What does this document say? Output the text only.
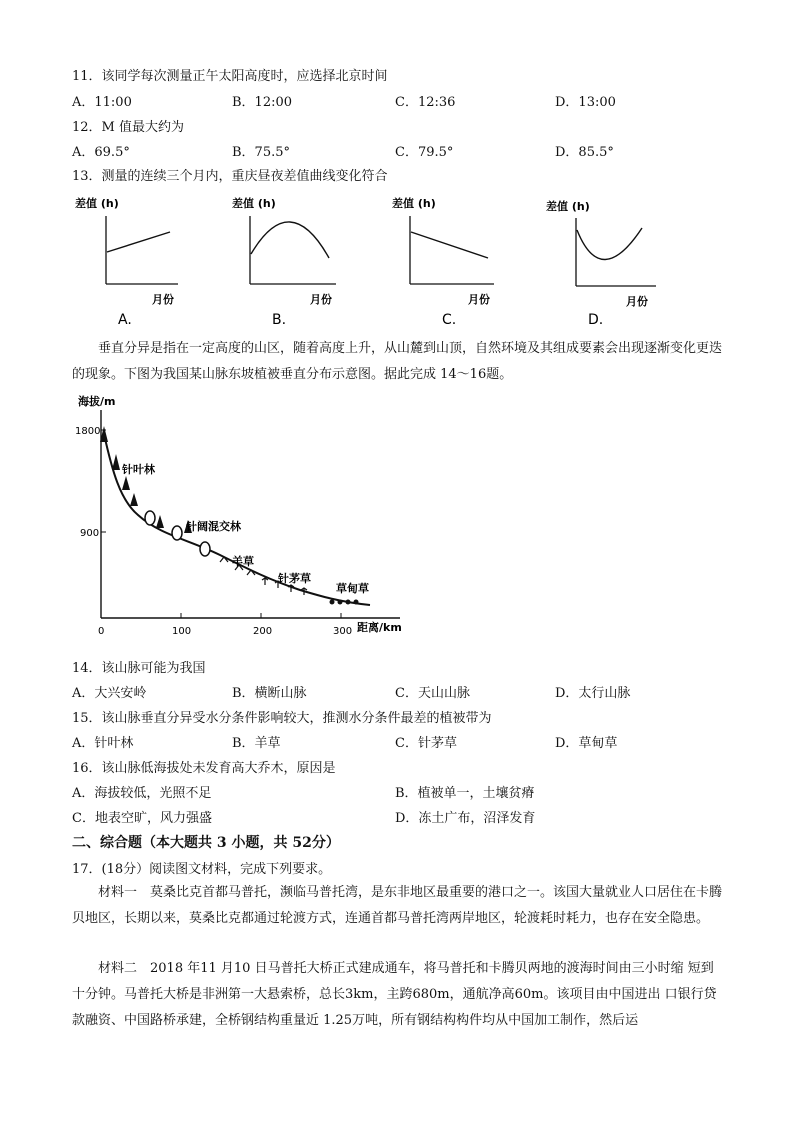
11．该同学每次测量正午太阳高度时，应选择北京时间
A．11:00	B．12:00	C．12:36	D．13:00
12．M 值最大约为
A．69.5°	B．75.5°	C．79.5°	D．85.5°
13．测量的连续三个月内，重庆昼夜差值曲线变化符合
差值 (h)
月份
A.
差值 (h)
月份
B.
差值 (h)
月份
C.
差值 (h)
月份
D.
垂直分异是指在一定高度的山区，随着高度上升，从山麓到山顶，自然环境及其组成要素会出现逐渐变化更迭的现象。下图为我国某山脉东坡植被垂直分布示意图。据此完成 14～16题。
海拔/m
1800
900
0	100	200	300 距离/km
针叶林
针阔混交林
羊草
针茅草
草甸草
14．该山脉可能为我国
A．大兴安岭	B．横断山脉	C．天山山脉	D．太行山脉
15．该山脉垂直分异受水分条件影响较大，推测水分条件最差的植被带为
A．针叶林	B．羊草	C．针茅草	D．草甸草
16．该山脉低海拔处未发育高大乔木，原因是
A．海拔较低，光照不足	B．植被单一，土壤贫瘠
C．地表空旷，风力强盛	D．冻土广布，沼泽发育
二、综合题（本大题共 3 小题，共 52分）
17．(18分）阅读图文材料，完成下列要求。
材料一　莫桑比克首都马普托，濒临马普托湾，是东非地区最重要的港口之一。该国大量就业人口居住在卡腾贝地区，长期以来，莫桑比克都通过轮渡方式，连通首都马普托湾两岸地区，轮渡耗时耗力，也存在安全隐患。
材料二　2018 年11 月10 日马普托大桥正式建成通车，将马普托和卡腾贝两地的渡海时间由三小时缩 短到十分钟。马普托大桥是非洲第一大悬索桥，总长3km，主跨680m，通航净高60m。该项目由中国进出 口银行贷款融资、中国路桥承建，全桥钢结构重量近 1.25万吨，所有钢结构构件均从中国加工制作，然后运
